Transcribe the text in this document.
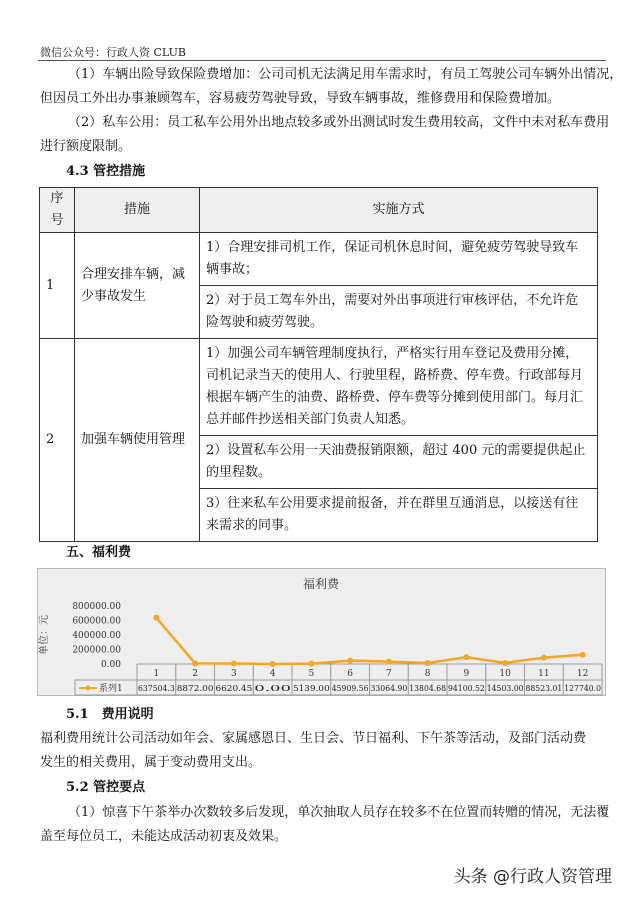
微信公众号：行政人资 CLUB
（1）车辆出险导致保险费增加：公司司机无法满足用车需求时，有员工驾驶公司车辆外出情况，
但因员工外出办事兼顾驾车，容易疲劳驾驶导致，导致车辆事故，维修费用和保险费增加。
（2）私车公用：员工私车公用外出地点较多或外出测试时发生费用较高，文件中未对私车费用
进行额度限制。
4.3 管控措施
序号	措施	实施方式
1	合理安排车辆，减少事故发生	1）合理安排司机工作，保证司机休息时间，避免疲劳驾驶导致车辆事故；
		2）对于员工驾车外出，需要对外出事项进行审核评估，不允许危险驾驶和疲劳驾驶。
2	加强车辆使用管理	1）加强公司车辆管理制度执行，严格实行用车登记及费用分摊，司机记录当天的使用人、行驶里程，路桥费、停车费。行政部每月根据车辆产生的油费、路桥费、停车费等分摊到使用部门。每月汇总并邮件抄送相关部门负责人知悉。
		2）设置私车公用一天油费报销限额，超过 400 元的需要提供起止的里程数。
		3）往来私车公用要求提前报备，并在群里互通消息，以接送有往来需求的同事。
五、福利费
福利费
单位：元
800000.00
600000.00
400000.00
200000.00
0.00
1	2	3	4	5	6	7	8	9	10	11	12
系列1 637504.3 8872.00 6620.45 0.00 5139.00 45909.56 33064.90 13804.68 94100.52 14503.00 88523.01 127740.0
5.1　费用说明
福利费用统计公司活动如年会、家属感恩日、生日会、节日福利、下午茶等活动，及部门活动费
发生的相关费用，属于变动费用支出。
5.2 管控要点
（1）惊喜下午茶举办次数较多后发现，单次抽取人员存在较多不在位置而转赠的情况，无法覆
盖至每位员工，未能达成活动初衷及效果。
头条 @行政人资管理
